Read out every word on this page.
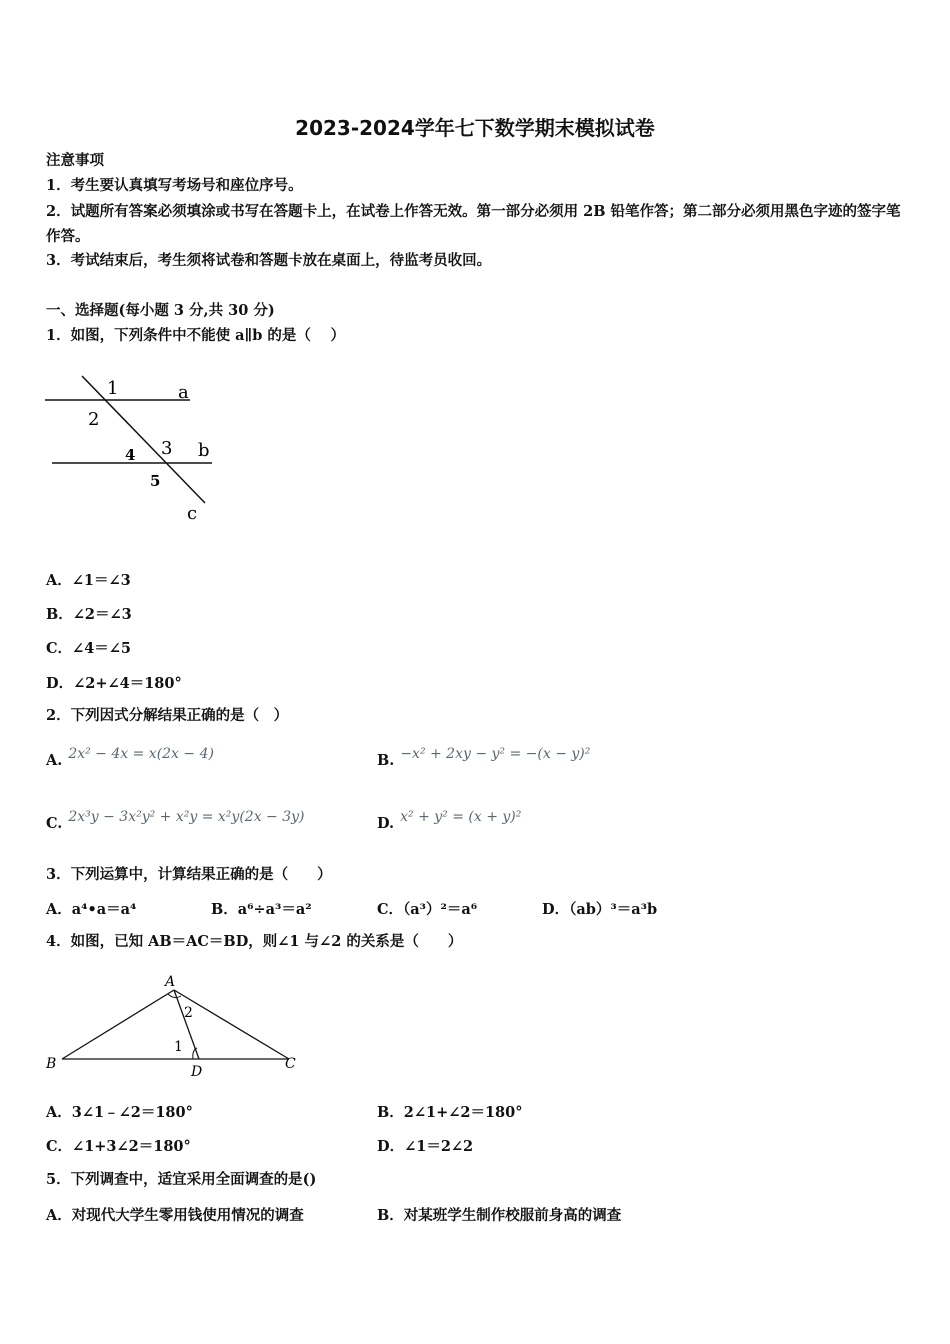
2023-2024学年七下数学期末模拟试卷
注意事项
1．考生要认真填写考场号和座位序号。
2．试题所有答案必须填涂或书写在答题卡上，在试卷上作答无效。第一部分必须用 2B 铅笔作答；第二部分必须用黑色字迹的签字笔作答。
3．考试结束后，考生须将试卷和答题卡放在桌面上，待监考员收回。
一、选择题(每小题 3 分,共 30 分)
1．如图，下列条件中不能使 a∥b 的是（　 ）
1	a
2
3 b
4
5
c
A．∠1＝∠3
B．∠2＝∠3
C．∠4＝∠5
D．∠2+∠4＝180°
2．下列因式分解结果正确的是（　）
A. 2x² − 4x = x(2x − 4)	B. −x² + 2xy − y² = −(x − y)²
C. 2x³y − 3x²y² + x²y = x²y(2x − 3y)	D. x² + y² = (x + y)²
3．下列运算中，计算结果正确的是（　　）
A．a⁴•a＝a⁴	B．a⁶÷a³＝a²	C．（a³）²＝a⁶	D．（ab）³＝a³b
4．如图，已知 AB＝AC＝BD，则∠1 与∠2 的关系是（　　）
A
2
1
B	D	C
A．3∠1﹣∠2＝180°	B．2∠1+∠2＝180°
C．∠1+3∠2＝180°	D．∠1＝2∠2
5．下列调查中，适宜采用全面调查的是()
A．对现代大学生零用钱使用情况的调查	B．对某班学生制作校服前身高的调查
